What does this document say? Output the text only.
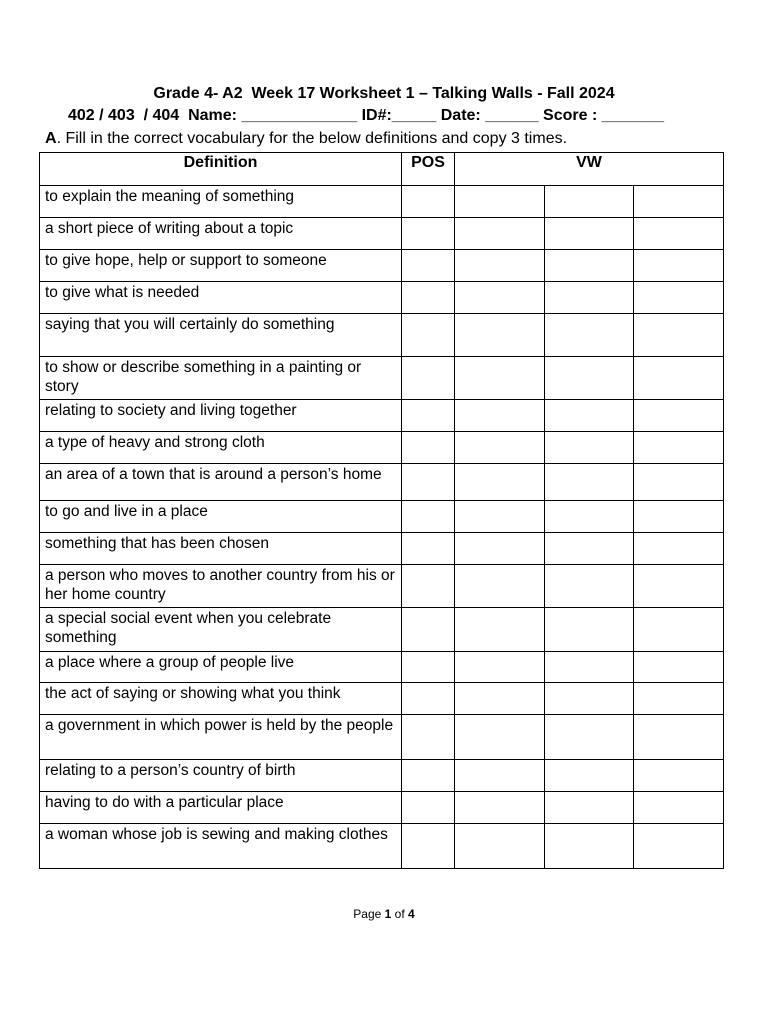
Grade 4- A2  Week 17 Worksheet 1 – Talking Walls - Fall 2024
402 / 403  / 404  Name: _____________ ID#:_____ Date: ______ Score : _______
A. Fill in the correct vocabulary for the below definitions and copy 3 times.
Definition	POS	VW		
to explain the meaning of something				
a short piece of writing about a topic				
to give hope, help or support to someone				
to give what is needed				
saying that you will certainly do something				
to show or describe something in a painting or story				
relating to society and living together				
a type of heavy and strong cloth				
an area of a town that is around a person’s home				
to go and live in a place				
something that has been chosen				
a person who moves to another country from his or her home country				
a special social event when you celebrate something				
a place where a group of people live				
the act of saying or showing what you think				
a government in which power is held by the people				
relating to a person’s country of birth				
having to do with a particular place				
a woman whose job is sewing and making clothes				
Page 1 of 4
